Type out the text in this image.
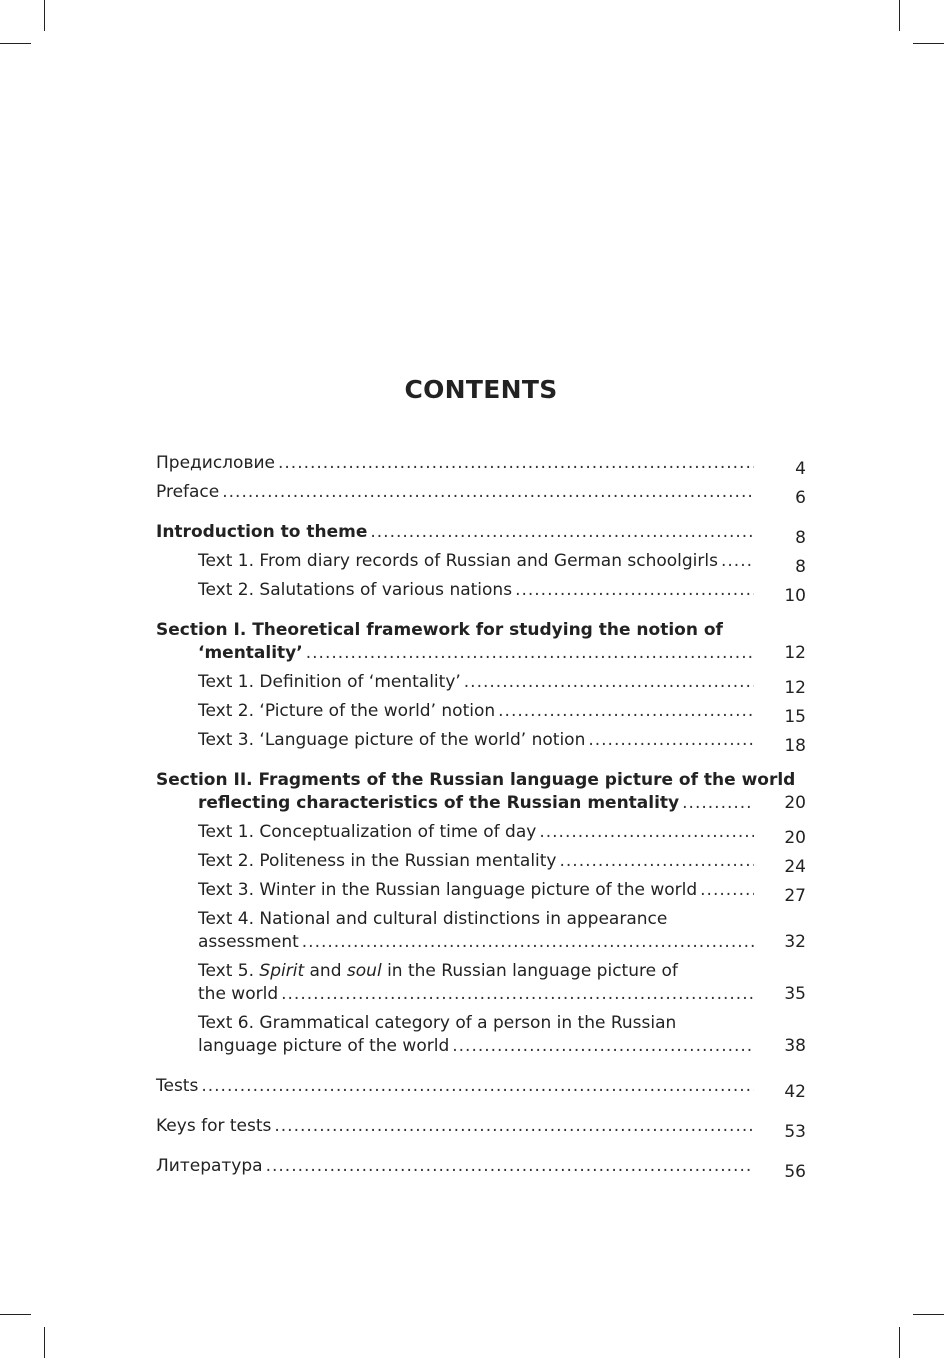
CONTENTS
Предисловие .....	4
Preface .....	6
Introduction to theme .....	8
Text 1. From diary records of Russian and German schoolgirls .....	8
Text 2. Salutations of various nations .....	10
Section I. Theoretical framework for studying the notion of
‘mentality’ .....	12
Text 1. Definition of ‘mentality’ .....	12
Text 2. ‘Picture of the world’ notion .....	15
Text 3. ‘Language picture of the world’ notion .....	18
Section II. Fragments of the Russian language picture of the world
reflecting characteristics of the Russian mentality .....	20
Text 1. Conceptualization of time of day .....	20
Text 2. Politeness in the Russian mentality .....	24
Text 3. Winter in the Russian language picture of the world .....	27
Text 4. National and cultural distinctions in appearance
assessment .....	32
Text 5. Spirit and soul in the Russian language picture of
the world .....	35
Text 6. Grammatical category of a person in the Russian
language picture of the world .....	38
Tests .....	42
Keys for tests .....	53
Литература .....	56
